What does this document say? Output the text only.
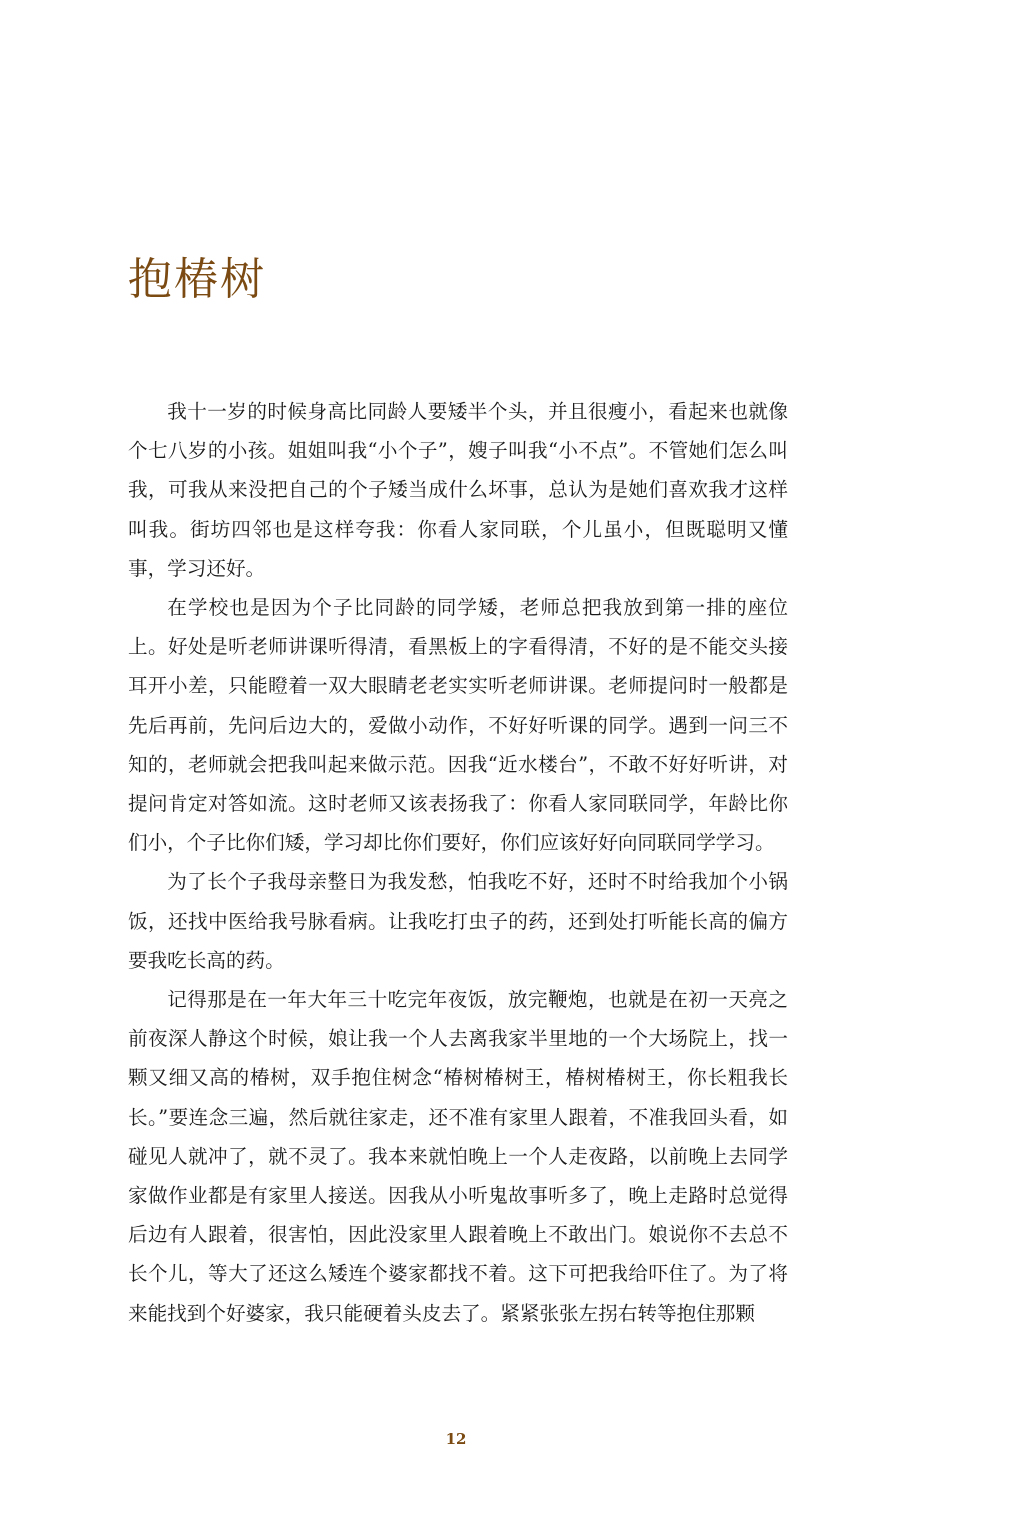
抱椿树

我十一岁的时候身高比同龄人要矮半个头，并且很瘦小，看起来也就像个七八岁的小孩。姐姐叫我“小个子”，嫂子叫我“小不点”。不管她们怎么叫我，可我从来没把自己的个子矮当成什么坏事，总认为是她们喜欢我才这样叫我。街坊四邻也是这样夸我：你看人家同联，个儿虽小，但既聪明又懂事，学习还好。

在学校也是因为个子比同龄的同学矮，老师总把我放到第一排的座位上。好处是听老师讲课听得清，看黑板上的字看得清，不好的是不能交头接耳开小差，只能瞪着一双大眼睛老老实实听老师讲课。老师提问时一般都是先后再前，先问后边大的，爱做小动作，不好好听课的同学。遇到一问三不知的，老师就会把我叫起来做示范。因我“近水楼台”，不敢不好好听讲，对提问肯定对答如流。这时老师又该表扬我了：你看人家同联同学，年龄比你们小，个子比你们矮，学习却比你们要好，你们应该好好向同联同学学习。

为了长个子我母亲整日为我发愁，怕我吃不好，还时不时给我加个小锅饭，还找中医给我号脉看病。让我吃打虫子的药，还到处打听能长高的偏方要我吃长高的药。

记得那是在一年大年三十吃完年夜饭，放完鞭炮，也就是在初一天亮之前夜深人静这个时候，娘让我一个人去离我家半里地的一个大场院上，找一颗又细又高的椿树，双手抱住树念“椿树椿树王，椿树椿树王，你长粗我长长。”要连念三遍，然后就往家走，还不准有家里人跟着，不准我回头看，如碰见人就冲了，就不灵了。我本来就怕晚上一个人走夜路，以前晚上去同学家做作业都是有家里人接送。因我从小听鬼故事听多了，晚上走路时总觉得后边有人跟着，很害怕，因此没家里人跟着晚上不敢出门。娘说你不去总不长个儿，等大了还这么矮连个婆家都找不着。这下可把我给吓住了。为了将来能找到个好婆家，我只能硬着头皮去了。紧紧张张左拐右转等抱住那颗

12
